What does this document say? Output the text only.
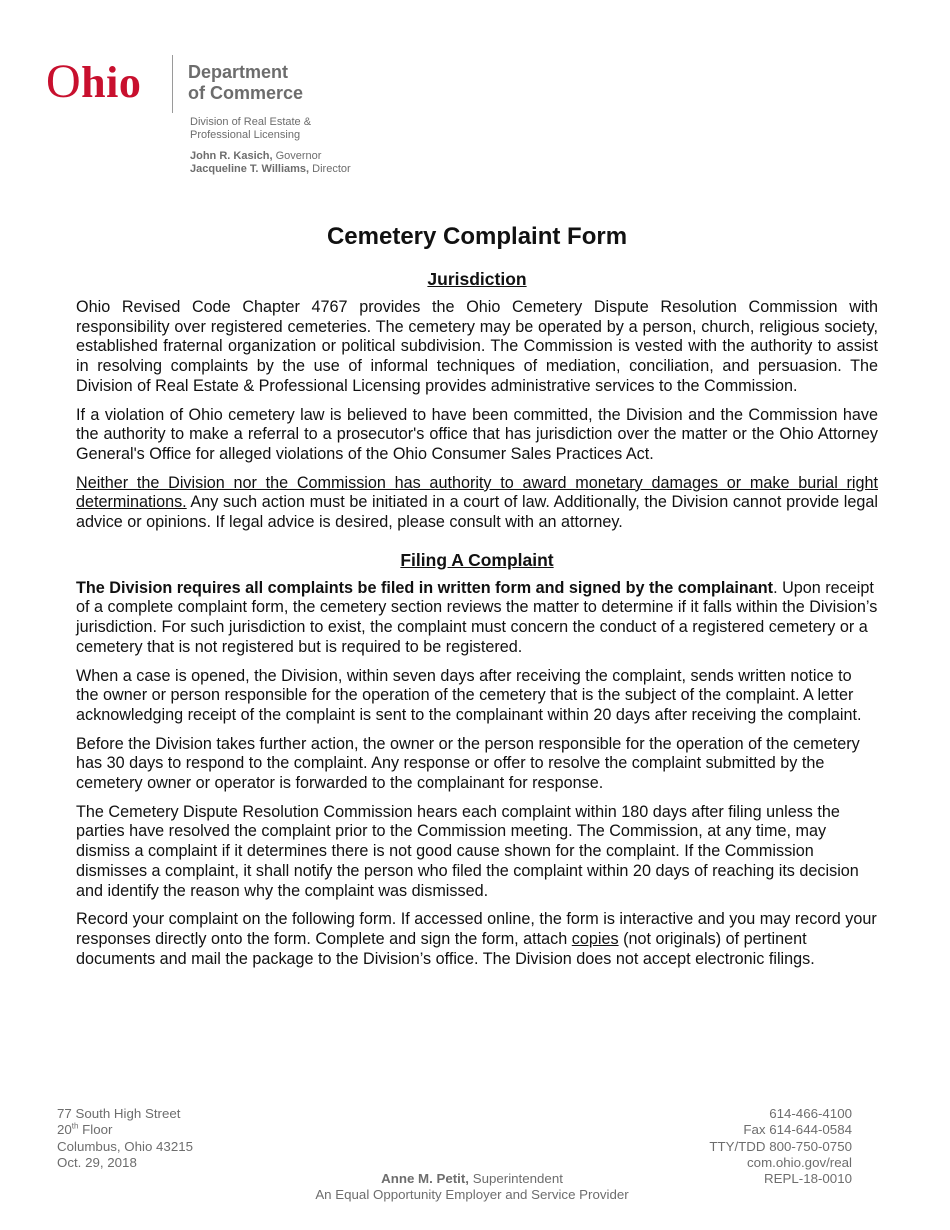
Ohio	Department
of Commerce
Division of Real Estate &
Professional Licensing
John R. Kasich, Governor
Jacqueline T. Williams, Director
Cemetery Complaint Form
Jurisdiction

Ohio Revised Code Chapter 4767 provides the Ohio Cemetery Dispute Resolution Commission with responsibility over registered cemeteries. The cemetery may be operated by a person, church, religious society, established fraternal organization or political subdivision. The Commission is vested with the authority to assist in resolving complaints by the use of informal techniques of mediation, conciliation, and persuasion. The Division of Real Estate & Professional Licensing provides administrative services to the Commission.

If a violation of Ohio cemetery law is believed to have been committed, the Division and the Commission have the authority to make a referral to a prosecutor's office that has jurisdiction over the matter or the Ohio Attorney General's Office for alleged violations of the Ohio Consumer Sales Practices Act.

Neither the Division nor the Commission has authority to award monetary damages or make burial right determinations. Any such action must be initiated in a court of law. Additionally, the Division cannot provide legal advice or opinions. If legal advice is desired, please consult with an attorney.

Filing A Complaint

The Division requires all complaints be filed in written form and signed by the complainant. Upon receipt of a complete complaint form, the cemetery section reviews the matter to determine if it falls within the Division’s jurisdiction. For such jurisdiction to exist, the complaint must concern the conduct of a registered cemetery or a cemetery that is not registered but is required to be registered.

When a case is opened, the Division, within seven days after receiving the complaint, sends written notice to the owner or person responsible for the operation of the cemetery that is the subject of the complaint. A letter acknowledging receipt of the complaint is sent to the complainant within 20 days after receiving the complaint.

Before the Division takes further action, the owner or the person responsible for the operation of the cemetery has 30 days to respond to the complaint. Any response or offer to resolve the complaint submitted by the cemetery owner or operator is forwarded to the complainant for response.

The Cemetery Dispute Resolution Commission hears each complaint within 180 days after filing unless the parties have resolved the complaint prior to the Commission meeting. The Commission, at any time, may dismiss a complaint if it determines there is not good cause shown for the complaint. If the Commission dismisses a complaint, it shall notify the person who filed the complaint within 20 days of reaching its decision and identify the reason why the complaint was dismissed.

Record your complaint on the following form. If accessed online, the form is interactive and you may record your responses directly onto the form. Complete and sign the form, attach copies (not originals) of pertinent documents and mail the package to the Division’s office. The Division does not accept electronic filings.

77 South High Street
20th Floor
Columbus, Ohio 43215
Oct. 29, 2018
614-466-4100
Fax 614-644-0584
TTY/TDD 800-750-0750
com.ohio.gov/real
REPL-18-0010
Anne M. Petit, Superintendent
An Equal Opportunity Employer and Service Provider
